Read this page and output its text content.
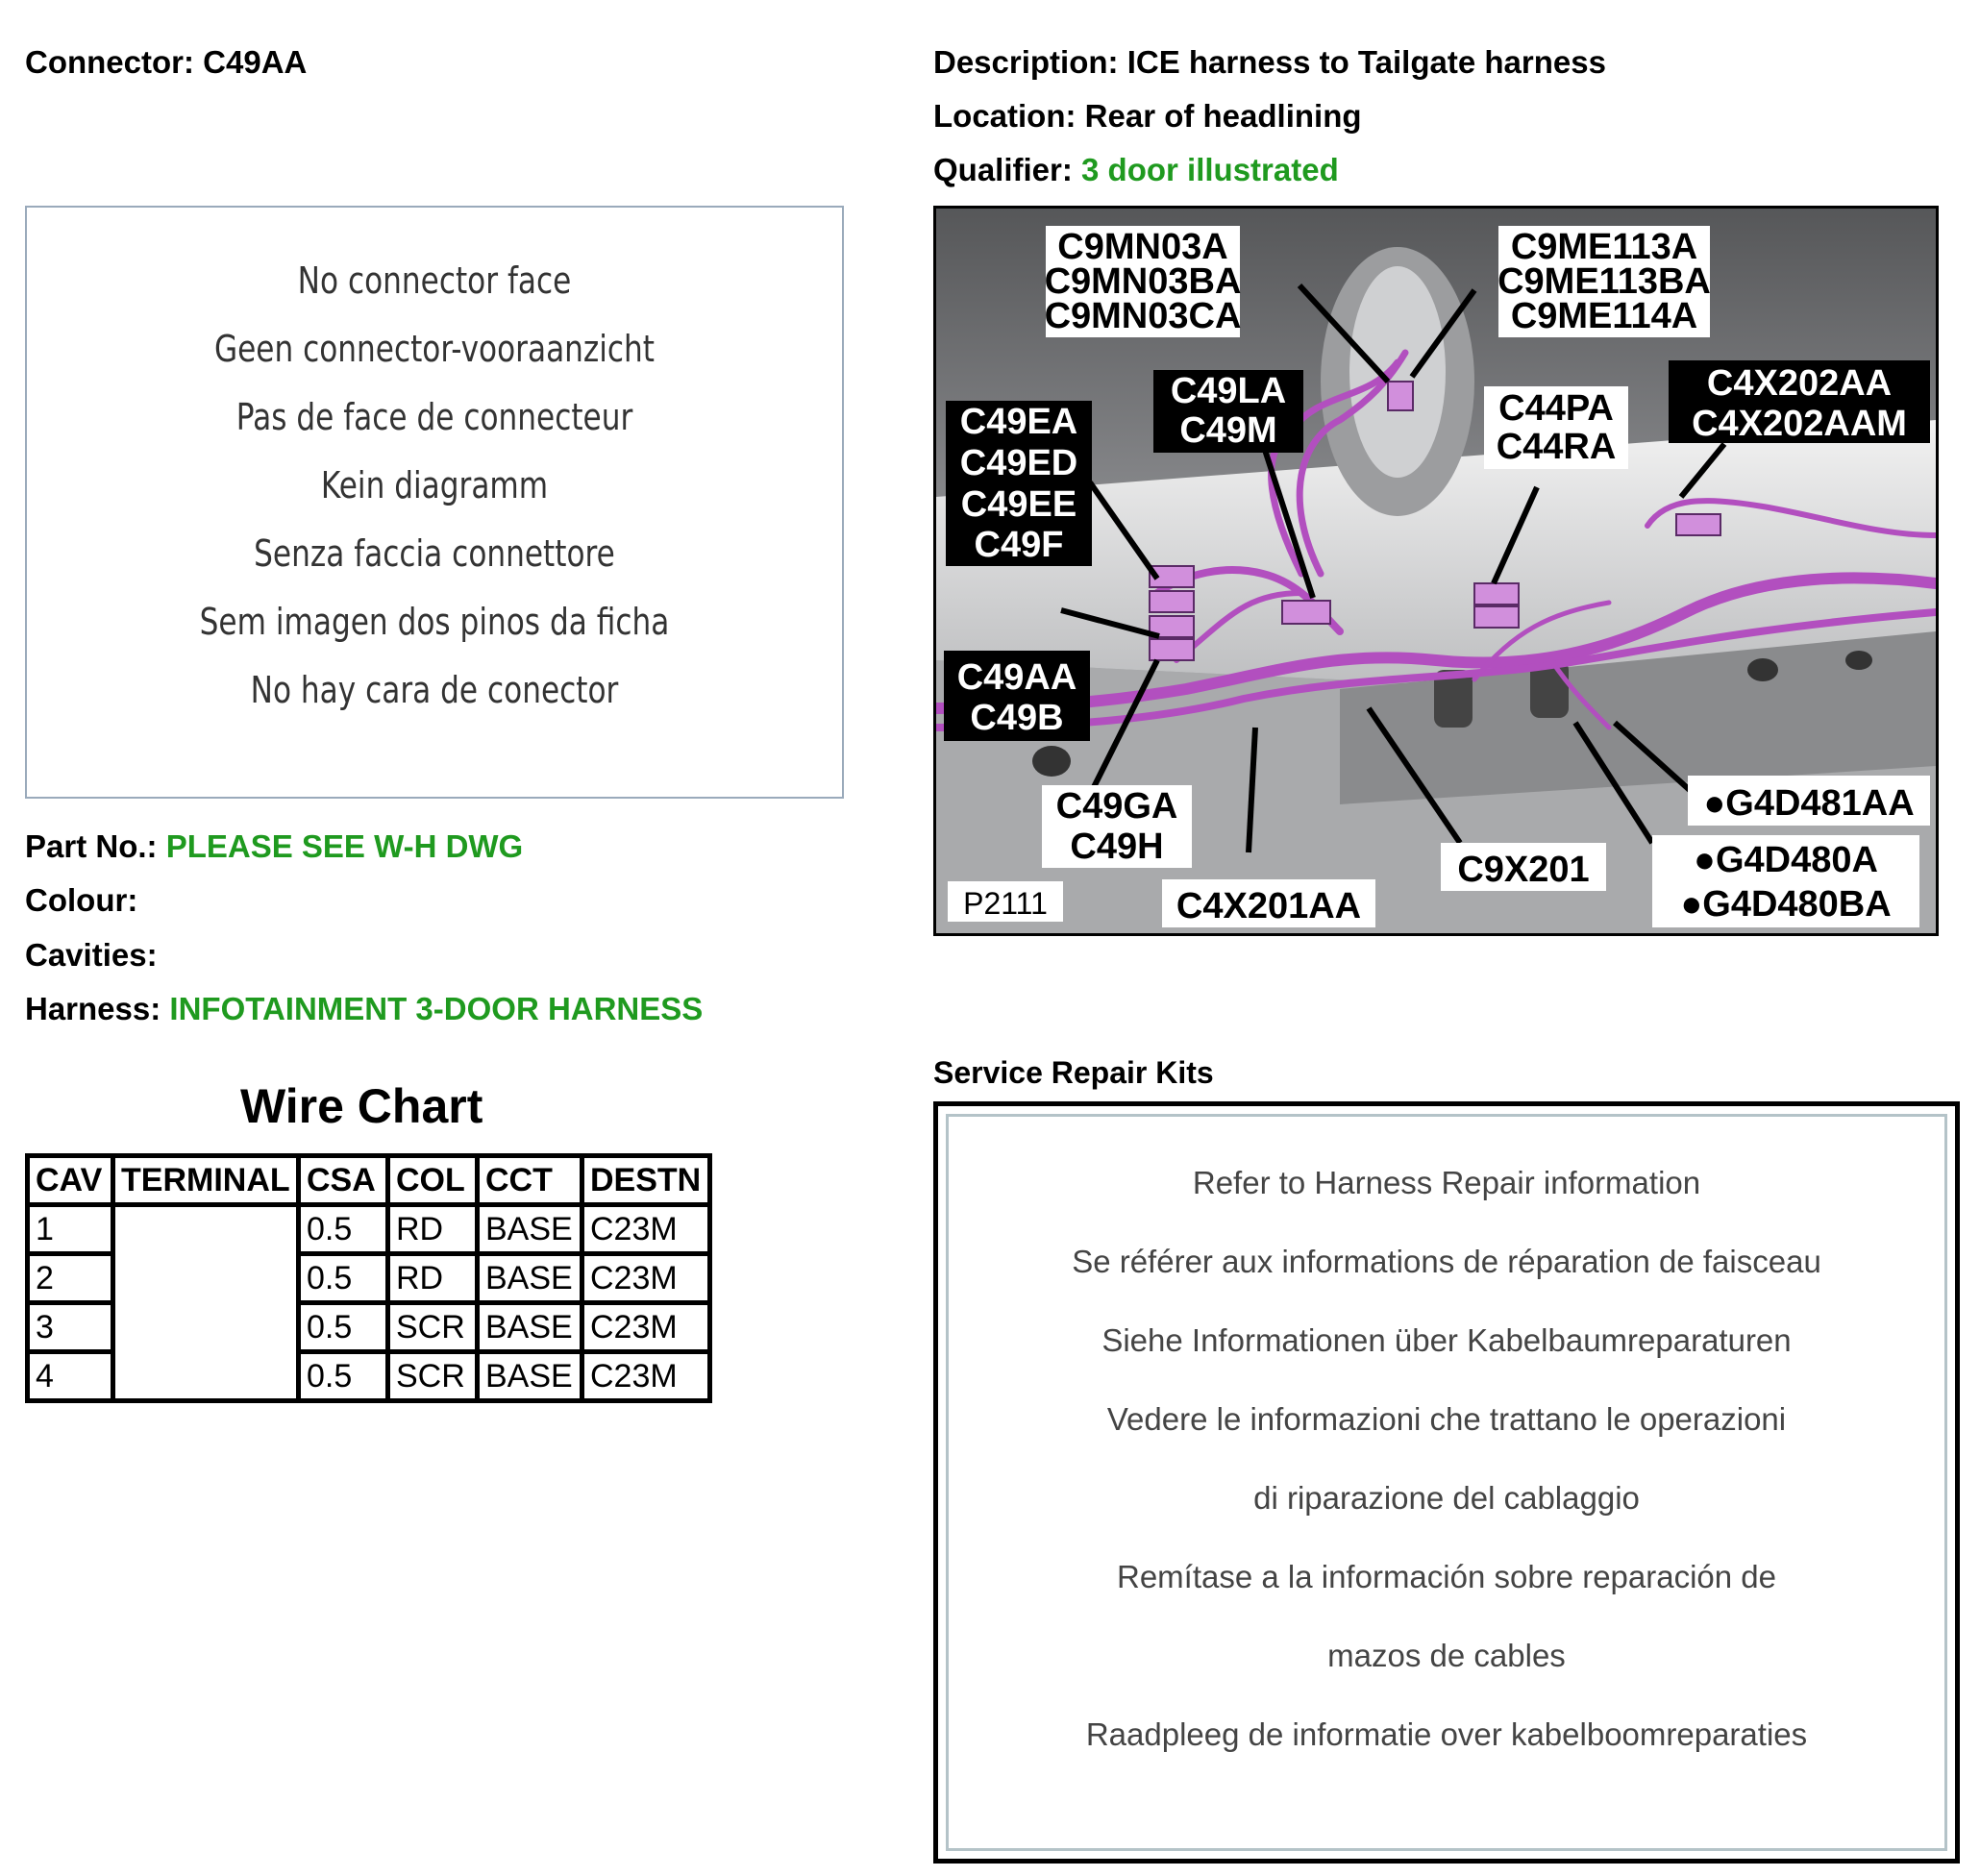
Connector: C49AA	Description: ICE harness to Tailgate harness
Location: Rear of headlining
Qualifier: 3 door illustrated
No connector face
Geen connector-vooraanzicht
Pas de face de connecteur
Kein diagramm
Senza faccia connettore
Sem imagen dos pinos da ficha
No hay cara de conector
Part No.: PLEASE SEE W-H DWG
Colour:
Cavities:
Harness: INFOTAINMENT 3-DOOR HARNESS
Wire Chart
CAV	TERMINAL	CSA	COL	CCT	DESTN
1		0.5	RD	BASE	C23M
2		0.5	RD	BASE	C23M
3		0.5	SCR	BASE	C23M
4		0.5	SCR	BASE	C23M
C9MN03A
C9MN03BA
C9MN03CA
C9ME113A
C9ME113BA
C9ME114A
C49LA
C49M
C44PA
C44RA
C4X202AA
C4X202AAM
C49EA
C49ED
C49EE
C49F
C49AA
C49B
C49GA
C49H
C4X201AA
C9X201
●G4D481AA
●G4D480A
●G4D480BA
P2111
Service Repair Kits
Refer to Harness Repair information
Se référer aux informations de réparation de faisceau
Siehe Informationen über Kabelbaumreparaturen
Vedere le informazioni che trattano le operazioni
di riparazione del cablaggio
Remítase a la información sobre reparación de
mazos de cables
Raadpleeg de informatie over kabelboomreparaties
